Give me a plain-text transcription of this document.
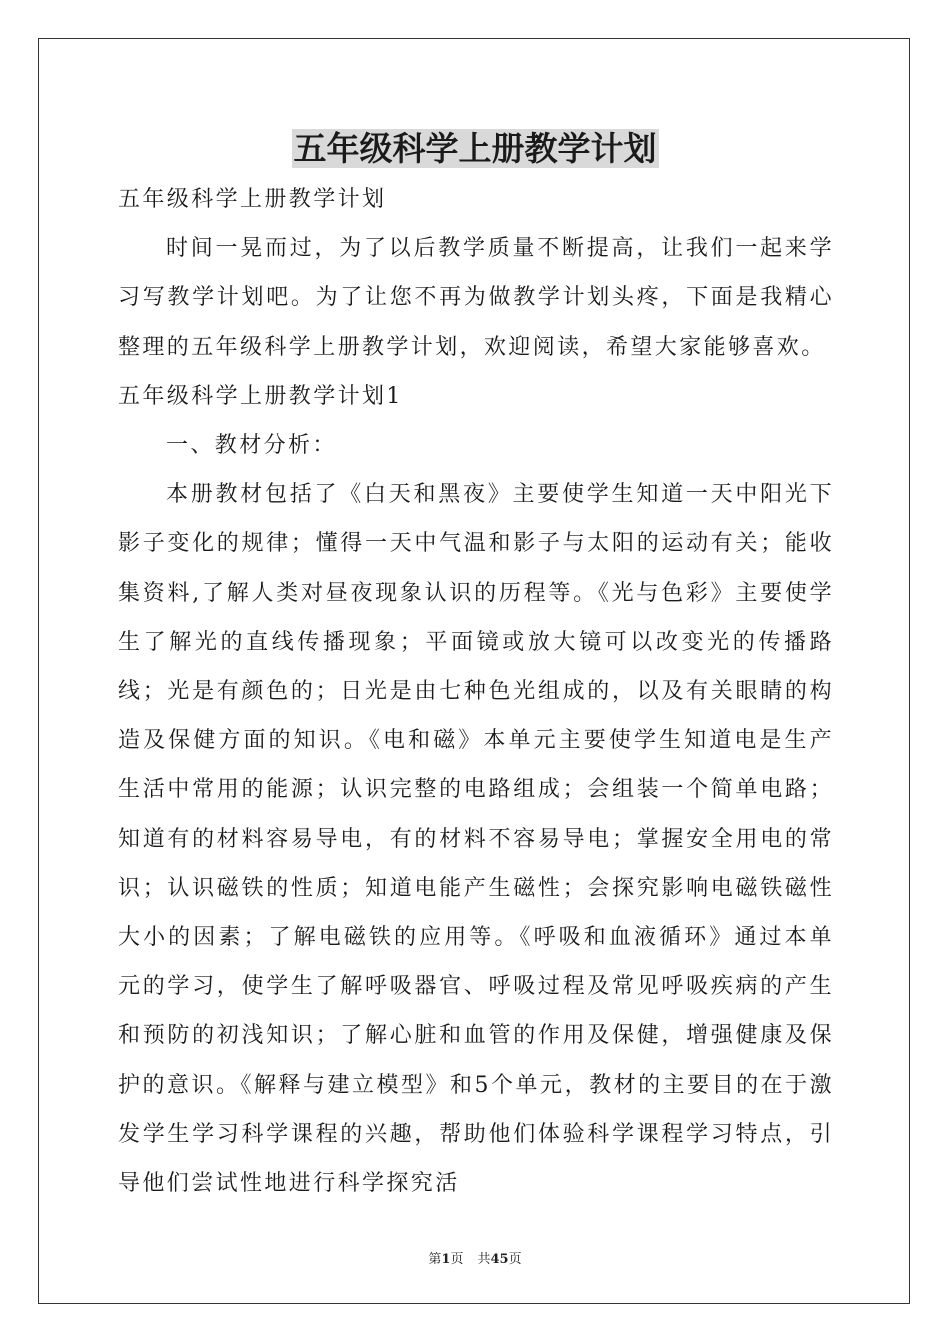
五年级科学上册教学计划

五年级科学上册教学计划

时间一晃而过，为了以后教学质量不断提高，让我们一起来学习写教学计划吧。为了让您不再为做教学计划头疼，下面是我精心整理的五年级科学上册教学计划，欢迎阅读，希望大家能够喜欢。

五年级科学上册教学计划1

一、教材分析：

本册教材包括了《白天和黑夜》主要使学生知道一天中阳光下影子变化的规律；懂得一天中气温和影子与太阳的运动有关；能收集资料,了解人类对昼夜现象认识的历程等。《光与色彩》主要使学生了解光的直线传播现象；平面镜或放大镜可以改变光的传播路线；光是有颜色的；日光是由七种色光组成的，以及有关眼睛的构造及保健方面的知识。《电和磁》本单元主要使学生知道电是生产生活中常用的能源；认识完整的电路组成；会组装一个简单电路；知道有的材料容易导电，有的材料不容易导电；掌握安全用电的常识；认识磁铁的性质；知道电能产生磁性；会探究影响电磁铁磁性大小的因素；了解电磁铁的应用等。《呼吸和血液循环》通过本单元的学习，使学生了解呼吸器官、呼吸过程及常见呼吸疾病的产生和预防的初浅知识；了解心脏和血管的作用及保健，增强健康及保护的意识。《解释与建立模型》和5个单元，教材的主要目的在于激发学生学习科学课程的兴趣，帮助他们体验科学课程学习特点，引导他们尝试性地进行科学探究活

第1页 共45页
